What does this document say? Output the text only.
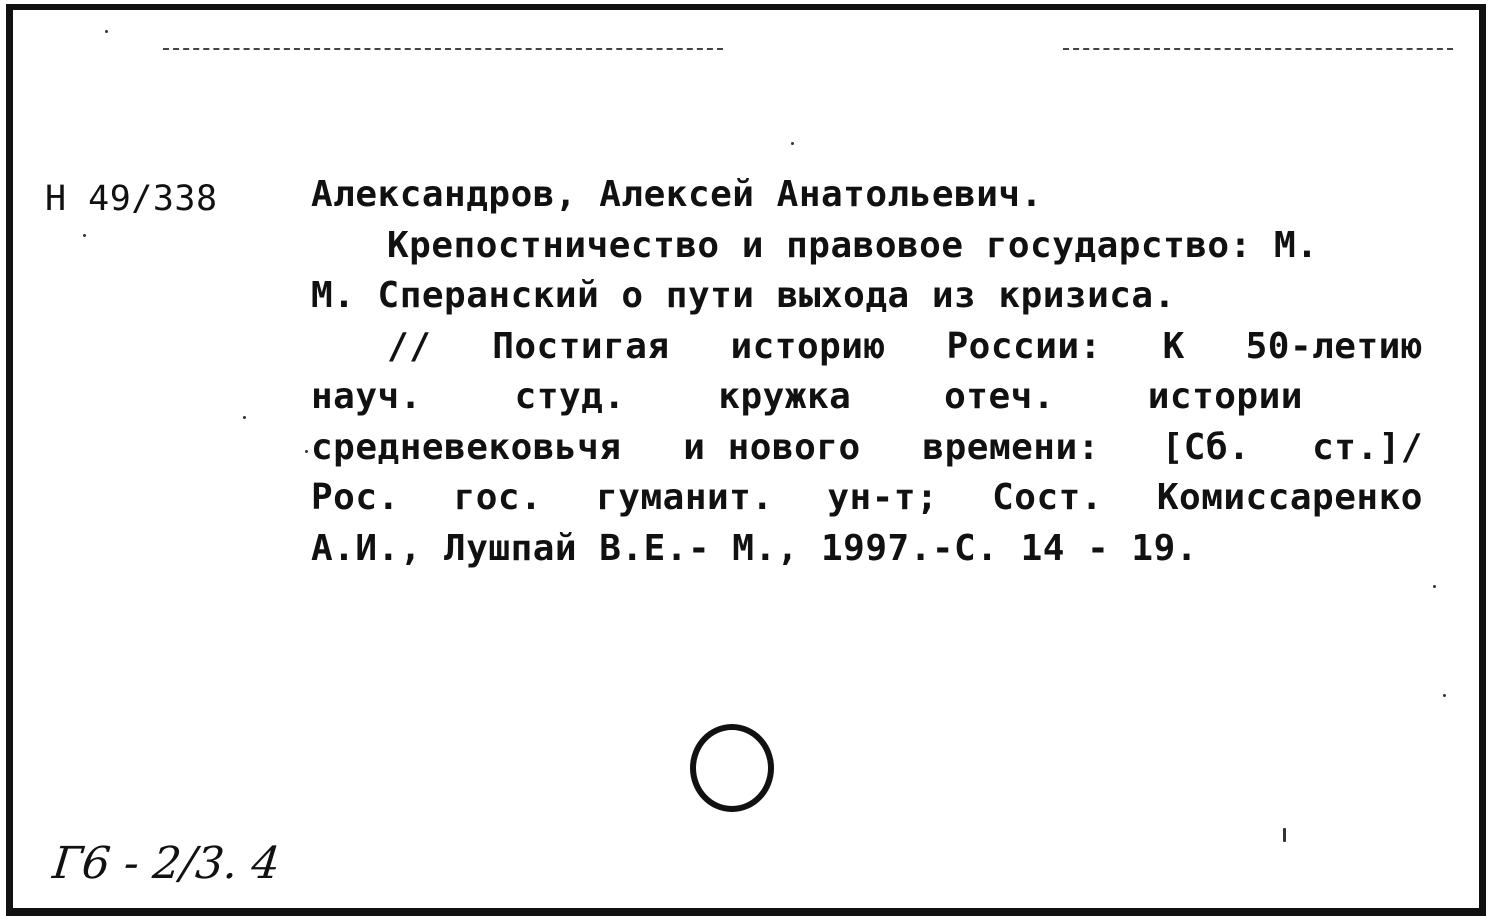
Н 49/338	Александров, Алексей Анатольевич.
Крепостничество и правовое государство: М.
М. Сперанский о пути выхода из кризиса.
// Постигая историю России: К 50-летию
науч.	студ.	кружка	отеч.	истории
средневековьчя и нового времени: [Сб. ст.]/
Рос. гос. гуманит. ун-т; Сост. Комиссаренко
А.И., Лушпай В.Е.- М., 1997.-С. 14 - 19.
Г6 - 2/3. 4
